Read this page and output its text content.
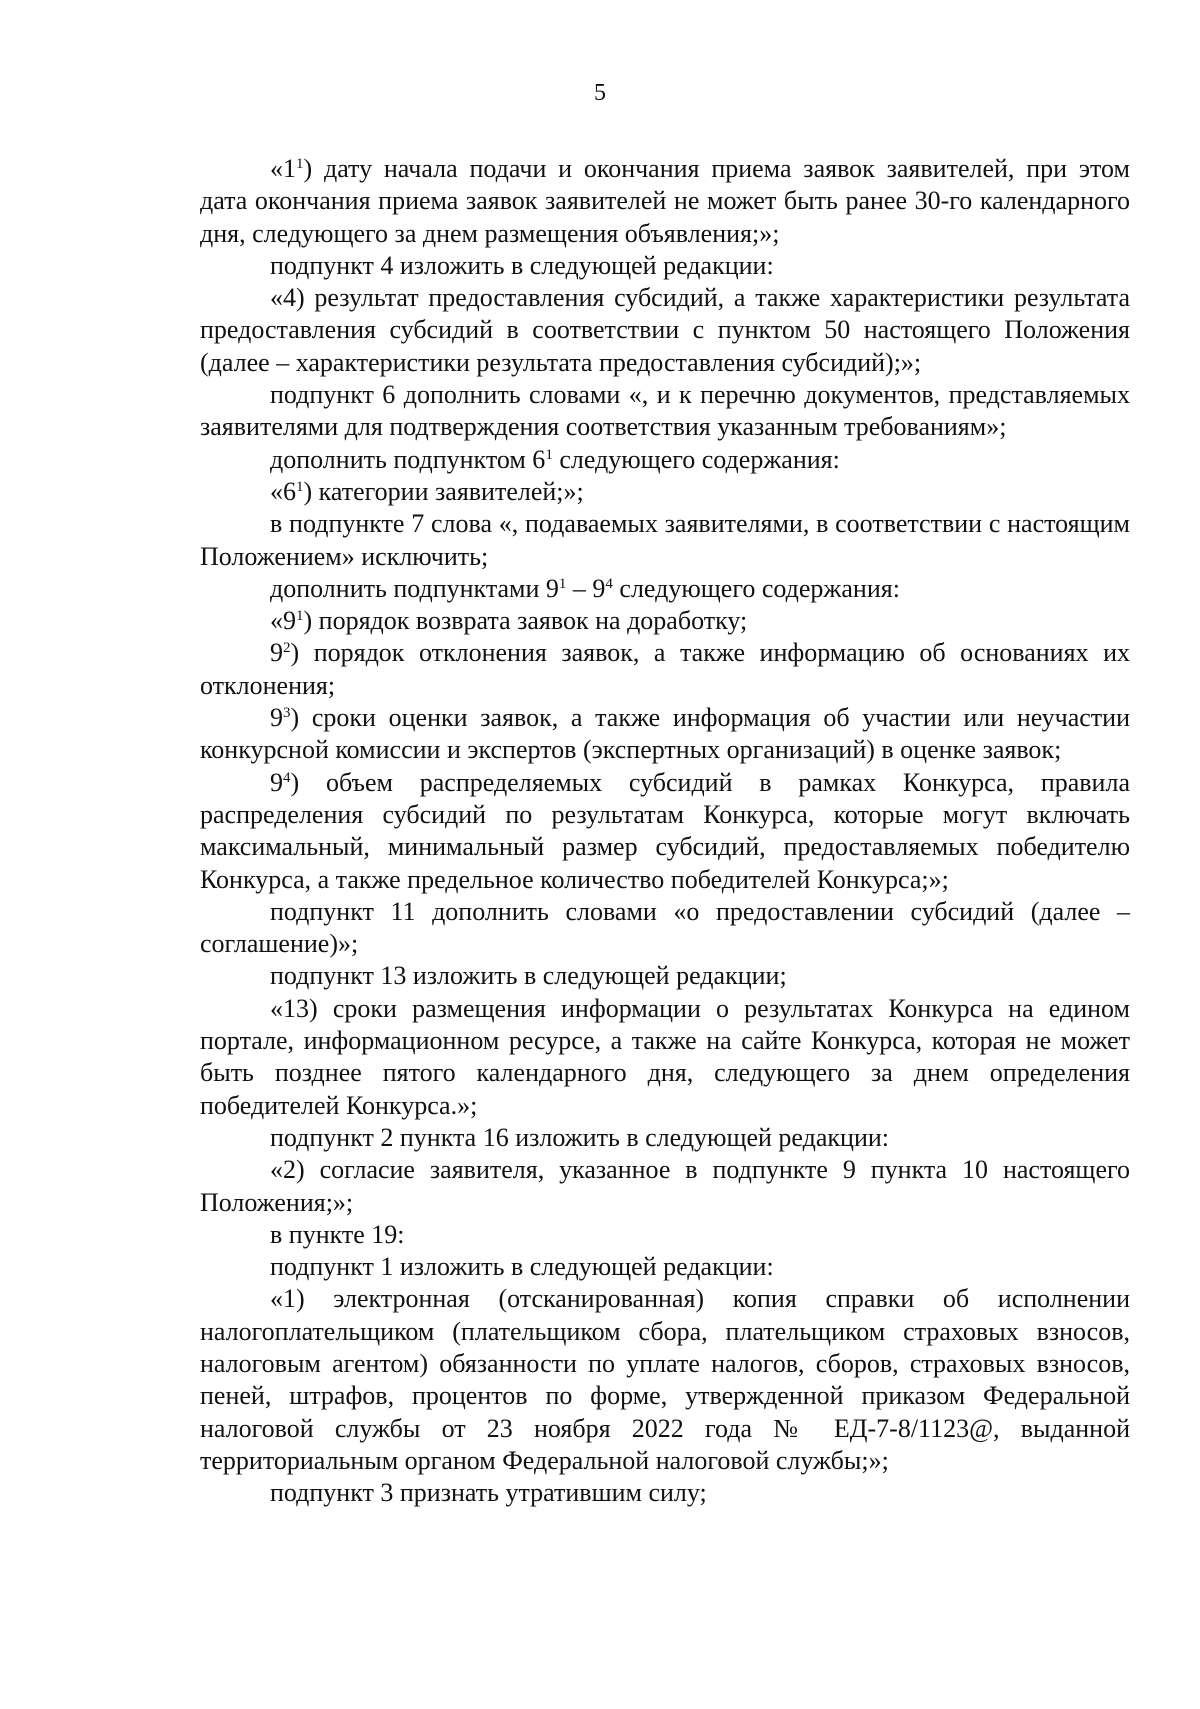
5

«$1^1$) дату начала подачи и окончания приема заявок заявителей, при этом дата окончания приема заявок заявителей не может быть ранее 30-го календарного дня, следующего за днем размещения объявления;»;

подпункт 4 изложить в следующей редакции:

«4) результат предоставления субсидий, а также характеристики результата предоставления субсидий в соответствии с пунктом 50 настоящего Положения (далее – характеристики результата предоставления субсидий);»;

подпункт 6 дополнить словами «, и к перечню документов, представляемых заявителями для подтверждения соответствия указанным требованиям»;

дополнить подпунктом $6^1$ следующего содержания:

«$6^1$) категории заявителей;»;

в подпункте 7 слова «, подаваемых заявителями, в соответствии с настоящим Положением» исключить;

дополнить подпунктами $9^1 - 9^4$ следующего содержания:

«$9^1$) порядок возврата заявок на доработку;

$9^2$) порядок отклонения заявок, а также информацию об основаниях их отклонения;

$9^3$) сроки оценки заявок, а также информация об участии или неучастии конкурсной комиссии и экспертов (экспертных организаций) в оценке заявок;

$9^4$) объем распределяемых субсидий в рамках Конкурса, правила распределения субсидий по результатам Конкурса, которые могут включать максимальный, минимальный размер субсидий, предоставляемых победителю Конкурса, а также предельное количество победителей Конкурса;»;

подпункт 11 дополнить словами «о предоставлении субсидий (далее – соглашение)»;

подпункт 13 изложить в следующей редакции;

«13) сроки размещения информации о результатах Конкурса на едином портале, информационном ресурсе, а также на сайте Конкурса, которая не может быть позднее пятого календарного дня, следующего за днем определения победителей Конкурса.»;

подпункт 2 пункта 16 изложить в следующей редакции:

«2) согласие заявителя, указанное в подпункте 9 пункта 10 настоящего Положения;»;

в пункте 19:

подпункт 1 изложить в следующей редакции:

«1) электронная (отсканированная) копия справки об исполнении налогоплательщиком (плательщиком сбора, плательщиком страховых взносов, налоговым агентом) обязанности по уплате налогов, сборов, страховых взносов, пеней, штрафов, процентов по форме, утвержденной приказом Федеральной налоговой службы от 23 ноября 2022 года № ЕД-7-8/1123@, выданной территориальным органом Федеральной налоговой службы;»;

подпункт 3 признать утратившим силу;
